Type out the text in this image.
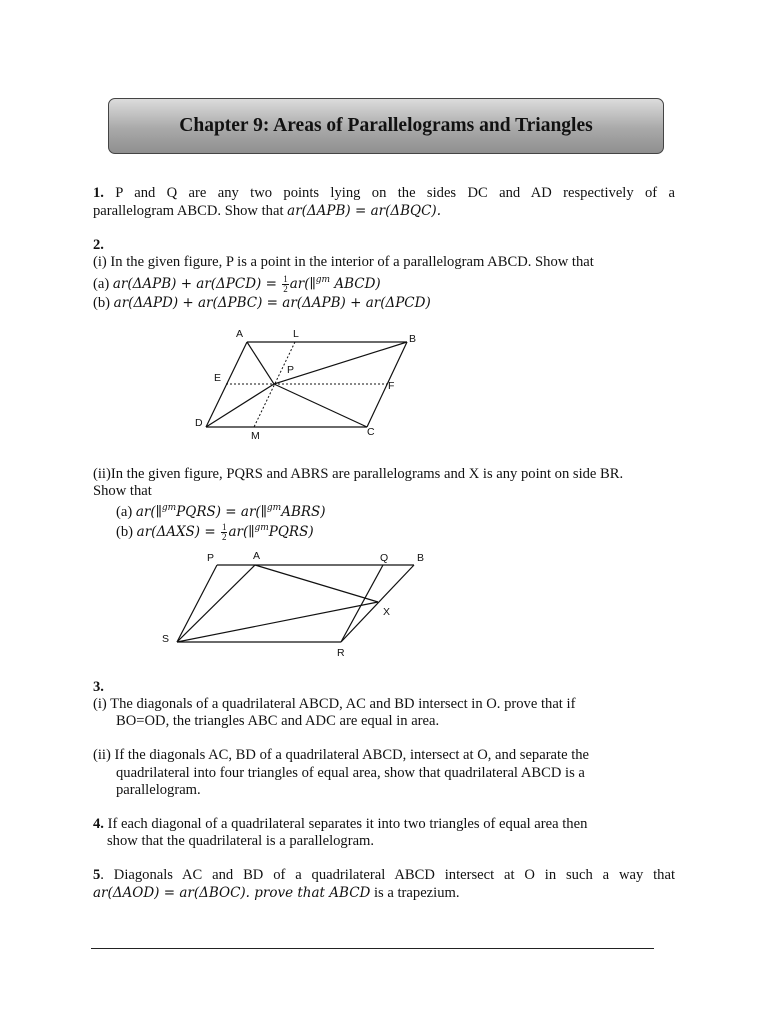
Chapter 9: Areas of Parallelograms and Triangles
1. P and Q are any two points lying on the sides DC and AD respectively of a
parallelogram ABCD. Show that ar(ΔAPB) = ar(ΔBQC).
2.
(i) In the given figure, P is a point in the interior of a parallelogram ABCD. Show that
(a) $ar(\Delta APB) + ar(\Delta PCD) = \frac{1}{2}$ ar(∥$^{gm}$ ABCD)
(b) ar(ΔAPD) + ar(ΔPBC) = ar(ΔAPB) + ar(ΔPCD)
A	L	B
E
P
F
D
M	C
(ii)In the given figure, PQRS and ABRS are parallelograms and X is any point on side BR.
Show that
(a) ar(∥$^{gm}$PQRS) = ar(∥$^{gm}$ABRS)
(b) $ar(\Delta AXS) = \frac{1}{2}$ ar(∥$^{gm}$PQRS)
P	A	Q	B
X
S
R
3.
(i) The diagonals of a quadrilateral ABCD, AC and BD intersect in O. prove that if
BO=OD, the triangles ABC and ADC are equal in area.
(ii) If the diagonals AC, BD of a quadrilateral ABCD, intersect at O, and separate the
quadrilateral into four triangles of equal area, show that quadrilateral ABCD is a
parallelogram.
4. If each diagonal of a quadrilateral separates it into two triangles of equal area then
show that the quadrilateral is a parallelogram.
5. Diagonals AC and BD of a quadrilateral ABCD intersect at O in such a way that
ar(ΔAOD) = ar(ΔBOC). prove that ABCD is a trapezium.
